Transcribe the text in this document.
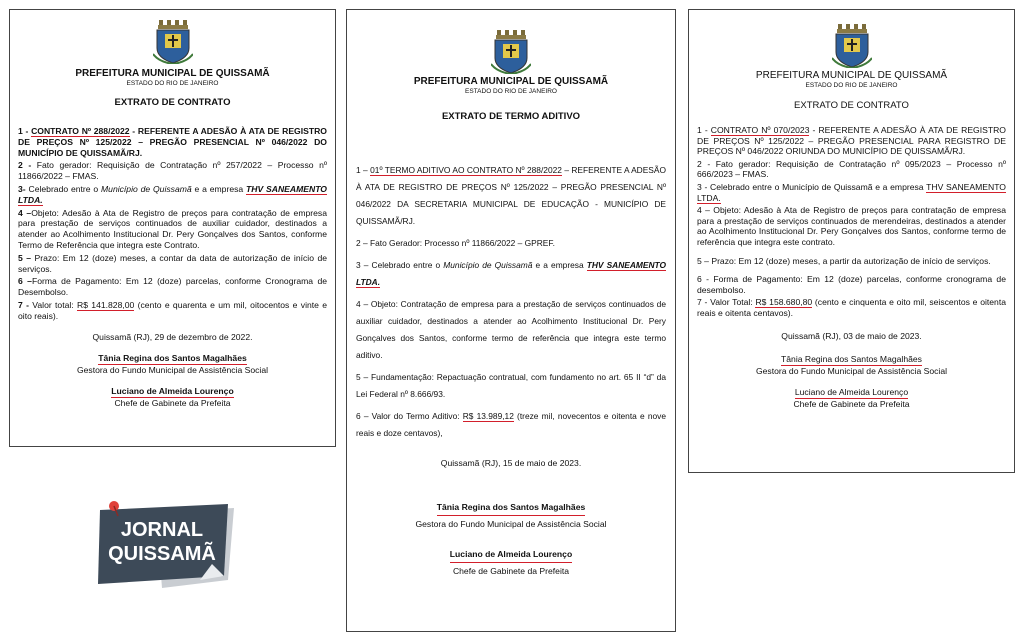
PREFEITURA MUNICIPAL DE QUISSAMÃ
ESTADO DO RIO DE JANEIRO
EXTRATO DE CONTRATO

1 - CONTRATO Nº 288/2022 - REFERENTE A ADESÃO À ATA DE REGISTRO DE PREÇOS Nº 125/2022 – PREGÃO PRESENCIAL Nº 046/2022 DO MUNICÍPIO DE QUISSAMÃ/RJ.

2 - Fato gerador: Requisição de Contratação nº 257/2022 – Processo nº 11866/2022 – FMAS.

3- Celebrado entre o Município de Quissamã e a empresa THV SANEAMENTO LTDA.

4 –Objeto: Adesão à Ata de Registro de preços para contratação de empresa para prestação de serviços continuados de auxiliar cuidador, destinados a atender ao Acolhimento Institucional Dr. Pery Gonçalves dos Santos, conforme Termo de Referência que integra este Contrato.

5 – Prazo: Em 12 (doze) meses, a contar da data de autorização de início de serviços.

6 –Forma de Pagamento: Em 12 (doze) parcelas, conforme Cronograma de Desembolso.

7 - Valor total: R$ 141.828,00 (cento e quarenta e um mil, oitocentos e vinte e oito reais).

Quissamã (RJ), 29 de dezembro de 2022.
Tânia Regina dos Santos Magalhães
Gestora do Fundo Municipal de Assistência Social
Luciano de Almeida Lourenço
Chefe de Gabinete da Prefeita
PREFEITURA MUNICIPAL DE QUISSAMÃ
ESTADO DO RIO DE JANEIRO
EXTRATO DE TERMO ADITIVO

1 – 01º TERMO ADITIVO AO CONTRATO Nº 288/2022 – REFERENTE A ADESÃO À ATA DE REGISTRO DE PREÇOS Nº 125/2022 – PREGÃO PRESENCIAL Nº 046/2022 DA SECRETARIA MUNICIPAL DE EDUCAÇÃO - MUNICÍPIO DE QUISSAMÃ/RJ.

2 – Fato Gerador: Processo nº 11866/2022 – GPREF.

3 – Celebrado entre o Município de Quissamã e a empresa THV SANEAMENTO LTDA.

4 – Objeto: Contratação de empresa para a prestação de serviços continuados de auxiliar cuidador, destinados a atender ao Acolhimento Institucional Dr. Pery Gonçalves dos Santos, conforme termo de referência que integra este termo aditivo.

5 – Fundamentação: Repactuação contratual, com fundamento no art. 65 II “d” da Lei Federal nº 8.666/93.

6 – Valor do Termo Aditivo: R$ 13.989,12 (treze mil, novecentos e oitenta e nove reais e doze centavos),

Quissamã (RJ), 15 de maio de 2023.
Tânia Regina dos Santos Magalhães
Gestora do Fundo Municipal de Assistência Social
Luciano de Almeida Lourenço
Chefe de Gabinete da Prefeita
PREFEITURA MUNICIPAL DE QUISSAMÃ
ESTADO DO RIO DE JANEIRO
EXTRATO DE CONTRATO

1 - CONTRATO Nº 070/2023 - REFERENTE A ADESÃO À ATA DE REGISTRO DE PREÇOS Nº 125/2022 – PREGÃO PRESENCIAL PARA REGISTRO DE PREÇOS Nº 046/2022 ORIUNDA DO MUNICÍPIO DE QUISSAMÃ/RJ.

2 - Fato gerador: Requisição de Contratação nº 095/2023 – Processo nº 666/2023 – FMAS.

3 - Celebrado entre o Município de Quissamã e a empresa THV SANEAMENTO LTDA.

4 – Objeto: Adesão à Ata de Registro de preços para contratação de empresa para a prestação de serviços continuados de merendeiras, destinados a atender ao Acolhimento Institucional Dr. Pery Gonçalves dos Santos, conforme termo de referência que integra este contrato.

5 – Prazo: Em 12 (doze) meses, a partir da autorização de início de serviços.

6 - Forma de Pagamento: Em 12 (doze) parcelas, conforme cronograma de desembolso.

7 - Valor Total: R$ 158.680,80 (cento e cinquenta e oito mil, seiscentos e oitenta reais e oitenta centavos).

Quissamã (RJ), 03 de maio de 2023.
Tânia Regina dos Santos Magalhães
Gestora do Fundo Municipal de Assistência Social
Luciano de Almeida Lourenço
Chefe de Gabinete da Prefeita
JORNAL
QUISSAMÃ
